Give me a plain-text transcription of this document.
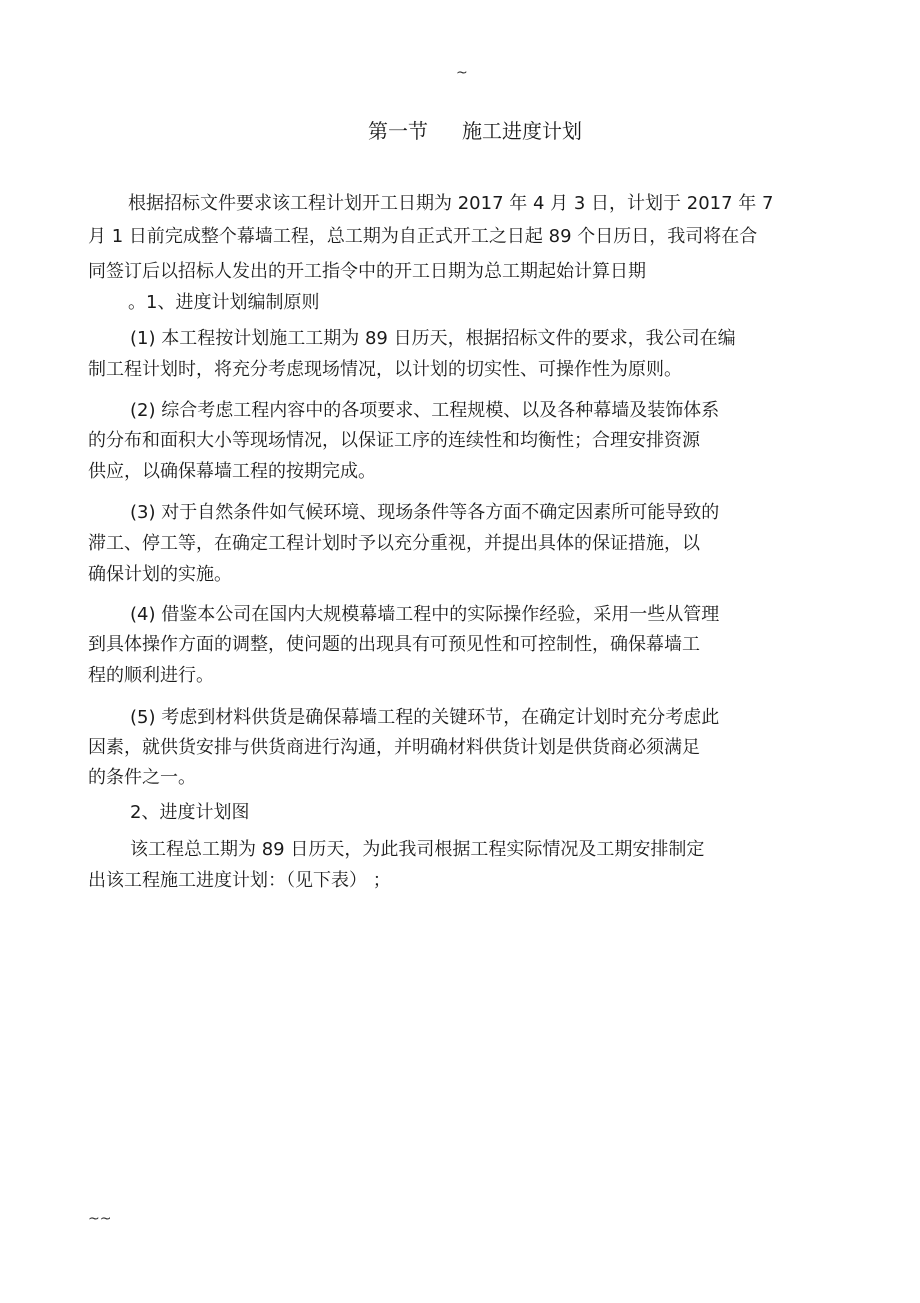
~
第一节 施工进度计划
根据招标文件要求该工程计划开工日期为 2017 年 4 月 3 日，计划于 2017 年 7
月 1 日前完成整个幕墙工程，总工期为自正式开工之日起 89 个日历日，我司将在合
同签订后以招标人发出的开工指令中的开工日期为总工期起始计算日期
。1、进度计划编制原则
(1) 本工程按计划施工工期为 89 日历天，根据招标文件的要求，我公司在编
制工程计划时，将充分考虑现场情况，以计划的切实性、可操作性为原则。
(2) 综合考虑工程内容中的各项要求、工程规模、以及各种幕墙及装饰体系
的分布和面积大小等现场情况，以保证工序的连续性和均衡性；合理安排资源
供应，以确保幕墙工程的按期完成。
(3) 对于自然条件如气候环境、现场条件等各方面不确定因素所可能导致的
滞工、停工等，在确定工程计划时予以充分重视，并提出具体的保证措施，以
确保计划的实施。
(4) 借鉴本公司在国内大规模幕墙工程中的实际操作经验，采用一些从管理
到具体操作方面的调整，使问题的出现具有可预见性和可控制性，确保幕墙工
程的顺利进行。
(5) 考虑到材料供货是确保幕墙工程的关键环节，在确定计划时充分考虑此
因素，就供货安排与供货商进行沟通，并明确材料供货计划是供货商必须满足
的条件之一。
2、进度计划图
该工程总工期为 89 日历天，为此我司根据工程实际情况及工期安排制定
出该工程施工进度计划：（见下表） ；
~~
